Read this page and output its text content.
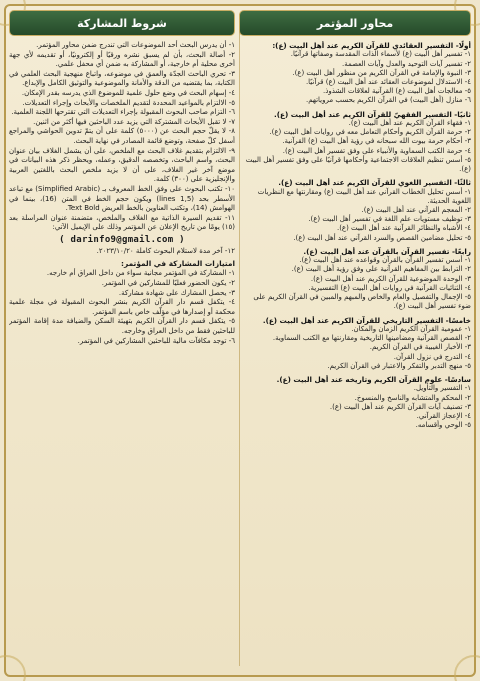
محاور المؤتمر
أولًا- التفسير العقائدي للقرآن الكريم عند أهل البيت (ع):
١- تفسير أهل البيت (ع) لأسماء الذات المقدسة وصفاتها قرآنيًا.
٢- تفسير آيات التوحيد والعدل وآيات العصمة.
٣- النبوة والإمامة في القرآن الكريم من منظور أهل البيت (ع).
٤- الاستدلال لموضوعات العقائد عند أهل البيت (ع) قرآنيًا.
٥- معالجات أهل البيت (ع) القرآنية لعلاقات الشذوذ.
٦- منازل (أهل البيت) في القرآن الكريم بحسب مروياتهم.
ثانيًا- التفسير الفقهيّ للقرآن الكريم عند أهل البيت (ع).
١- فقهاء القرآن الكريم عند أهل البيت (ع).
٢- حرمة القرآن الكريم وأحكام التعامل معه في روايات أهل البيت (ع).
٣- أحكام حرمة بيوت الله سبحانه في رؤية أهل البيت (ع) القرآنية.
٤- حرمة الكتب السماوية والأنبياء على وفق تفسير أهل البيت (ع).
٥- أسس تنظيم العلاقات الاجتماعية وأحكامها قرآنيًا على وفق تفسير أهل البيت (ع).
ثالثًا- التفسير اللغوي للقرآن الكريم عند أهل البيت (ع).
١- أسس تحليل الخطاب القرآني عند أهل البيت (ع) ومقارنتها مع النظريات اللغوية الحديثة.
٢- المعجم القرآني عند أهل البيت (ع).
٣- توظيف مستويات علم اللغة في تفسير أهل البيت (ع).
٤- الأشباه والنظائر القرآنية عند أهل البيت (ع).
٥- تحليل مضامين القصص والسرد القرآني عند أهل البيت (ع).
رابعًا- تفسير القرآن بالقرآن عند أهل البيت (ع).
١- أسس تفسير القرآن بالقرآن وقواعده عند أهل البيت (ع).
٢- الترابط بين المفاهيم القرآنية على وفق رؤية أهل البيت (ع).
٣- الوحدة الموضوعية للقرآن الكريم عند أهل البيت (ع).
٤- الثنائيات القرآنية في روايات أهل البيت (ع) التفسيرية.
٥- الإجمال والتفصيل والعام والخاص والمبهم والمبين في القرآن الكريم على ضوء تفسير أهل البيت (ع).
خامسًا- التفسير التاريخي للقرآن الكريم عند أهل البيت (ع).
١- عمومية القرآن الكريم الزمان والمكان.
٢- القصص القرآنية ومضامينها التاريخية ومقارنتها مع الكتب السماوية.
٣- الأخبار الغيبية في القرآن الكريم.
٤- التدرج في نزول القرآن.
٥- منهج التدبر والتفكر والاعتبار في القرآن الكريم.
سادسًا- علوم القرآن الكريم وتاريخه عند أهل البيت (ع).
١- التفسير والتأويل.
٢- المحكم والمتشابه والناسخ والمنسوخ.
٣- تصنيف آيات القرآن الكريم عند أهل البيت (ع).
٤- الإعجاز القرآني.
٥- الوحي وأقسامه.
شروط المشاركة
١- أن يدرس البحث أحد الموضوعات التي تندرج ضمن محاور المؤتمر.
٢- أصالة البحث، بأن لم يسبق نشره ورقيًا أو إلكترونيًا، أو تقديمه لأي جهة أخرى محلية أم خارجية، أو المشاركة به ضمن أي محفل علمي.
٣- تحري الباحث الجدّة والعمق في موضوعه، واتباع منهجية البحث العلمي في الكتابة، بما يقتضيه من الدقة والأمانة والموضوعية والتوثيق الكامل والإبداع.
٤- إسهام البحث في وضع حلول علمية للموضوع الذي يدرسه بقدر الإمكان.
٥- الالتزام بالمواعيد المحددة لتقديم الملخصات والأبحاث وإجراء التعديلات.
٦- التزام صاحب البحوث المقبولة بإجراء التعديلات التي تقترحها اللجنة العلمية.
٧- لا تقبل الأبحاث المشتركة التي يزيد عدد الباحثين فيها أكثر من اثنين.
٨- لا يقلّ حجم البحث عن (٥٠٠٠) كلمة على أن يتمّ تدوين الحواشي والمراجع أسفل كلّ صفحة، وتوضع قائمة المصادر في نهاية البحث.
٩- الالتزام بتقديم غلاف البحث مع الملخص، على أن يشمل الغلاف بيان عنوان البحث، واسم الباحث، وتخصصه الدقيق، وعمله، ويحظر ذكر هذه البيانات في موضع آخر غير الغلاف، على أن لا يزيد ملخص البحث باللغتين العربية والإنجليزية على (٣٠٠) كلمة.
١٠- تكتب البحوث على وفق الخط المعروف بـ (Simplified Arabic) مع تباعد الأسطر بحد (1,5 lines) ويكون حجم الخط في المتن (16)، بينما في الهوامش (14)، وتكتب العناوين بالخط العريض Text Bold.
١١- تقديم السيرة الذاتية مع الغلاف والملخص، متضمنة عنوان المراسلة بعد (١٥) يومًا من تاريخ الإعلان عن المؤتمر وذلك على الإيميل الآتي:
( darinfo9@gmail.com )
١٢- آخر مدة لاستلام البحوث كاملة ٢٠٢٣/١٠/٢٠.
امتيازات المشاركة في المؤتمر:
١- المشاركة في المؤتمر مجانية سواء من داخل العراق أم خارجه.
٢- يكون الحضور فعليًا للمشاركين في المؤتمر.
٣- يحصل المشارك على شهادة مشاركة.
٤- يتكفل قسم دار القرآن الكريم بنشر البحوث المقبولة في مجلة علمية محكمة أو إصدارها في مؤلّف خاص باسم المؤتمر.
٥- يتكفل قسم دار القرآن الكريم بتهيئة السكن والضيافة مدة إقامة المؤتمر للباحثين فقط من داخل العراق وخارجه.
٦- توجد مكافآت مالية للباحثين المشاركين في المؤتمر.
